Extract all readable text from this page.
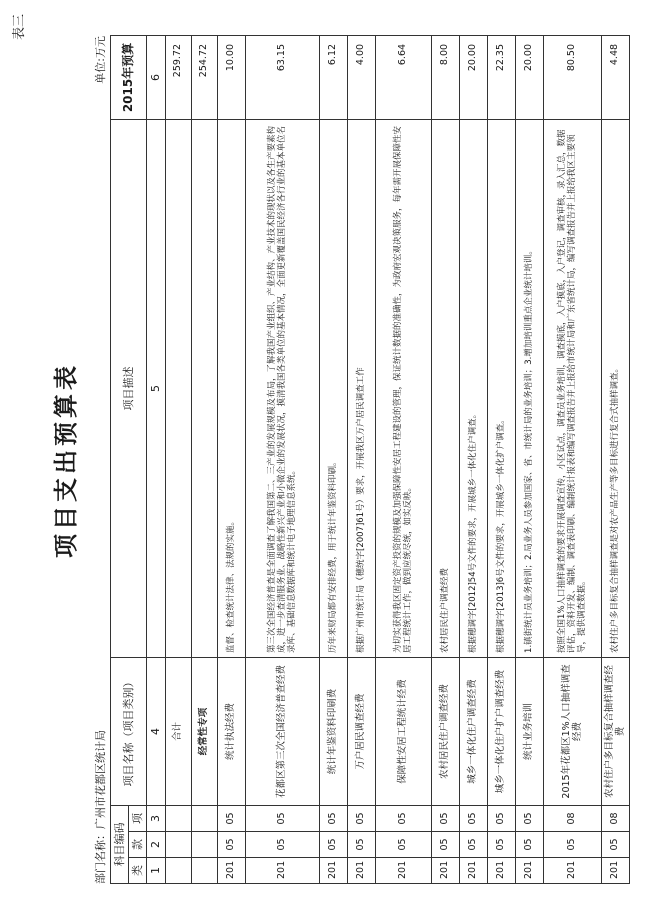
表三
项目支出预算表
部门名称：广州市花都区统计局
单位:万元
科目编码			项目名称（项目类别）	项目描述	2015年预算
类	款	项			
1	2	3	4	5	6
			合计		259.72
			经常性专项		254.72
201	05	05	统计执法经费	监督、检查统计法律、法规的实施。	10.00
201	05	05	花都区第三次全国经济普查经费	第三次全国经济普查是全面调查了解我国第二、三产业的发展规模及布局，了解我国产业组织、产业结构、产业技术的现状以及各生产要素构成，进一步查清服务业、战略性新兴产业和小微企业的发展状况，摸清我国各类单位的基本情况，全面更新覆盖国民经济各行业的基本单位名录库、基础信息数据库和统计电子地理信息系统。	63.15
201	05	05	统计年鉴资料印刷费	历年来财局都有安排经费，用于统计年鉴资料印刷。	6.12
201	05	05	万户居民调查经费	根据广州市统计局（穗统字[2007]61号）要求，开展我区万户居民调查工作	4.00
201	05	05	保障性安居工程统计经费	为切实获得我区固定资产投资的规模及加强保障性安居工程建设的管理，保证统计数据的准确性，为政府宏观决策服务，每年需开展保障性安居工程统计工作，做到应统尽统，如实反映。	6.64
201	05	05	农村居民住户调查经费	农村居民住户调查经费	8.00
201	05	05	城乡一体化住户调查经费	根据穗调字[2012]54号文件的要求，开展城乡一体化住户调查。	20.00
201	05	05	城乡一体化住户扩户调查经费	根据穗调字[2013]6号文件的要求，开展城乡一体化扩户调查。	22.35
201	05	05	统计业务培训	1.镇街统计员业务培训；2.局业务人员参加国家、省、市统计局的业务培训；3.增加培训重点企业统计培训。	20.00
201	05	08	2015年花都区1%人口抽样调查经费	按照全国1%人口抽样调查的要求开展调查宣传，小区试点，调查员业务培训，调查摸底，入户摸底，入户登记，调查审核，录入汇总，数据评估，资料开发、编制、调查表印刷、编制统计报表和编写调查报告并上报给市统计局和广东省统计局，编写调查报告并上报给我区主要领导，提供调查数据。	80.50
201	05	08	农村住户多目标复合抽样调查经费	农村住户多目标复合抽样调查是对农产品生产等多目标进行复合式抽样调查。	4.48
